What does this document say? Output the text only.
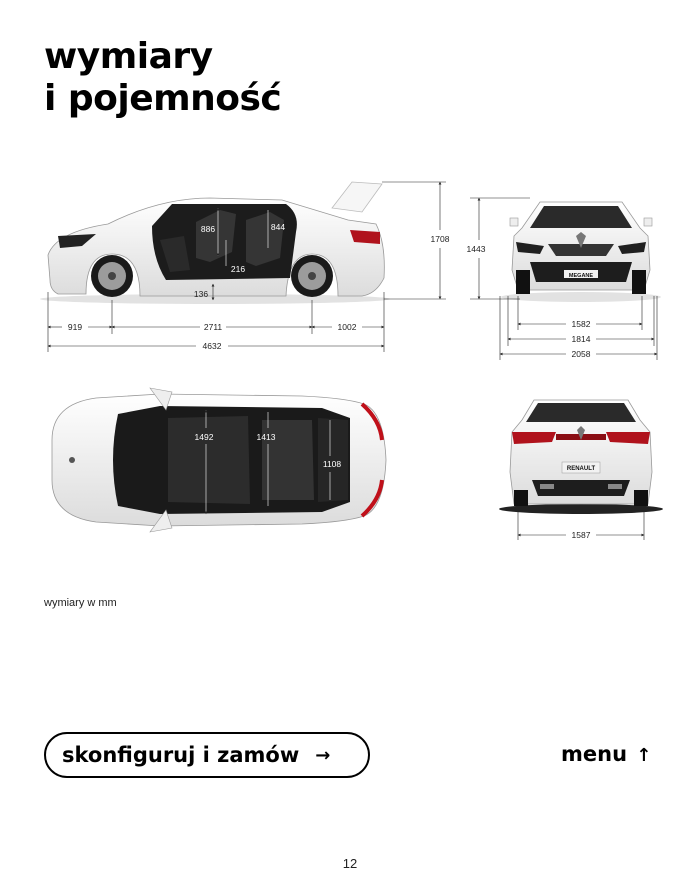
wymiary
i pojemność
886	844
216
136
1708
919	2711	1002
4632
MEGANE
1443
1582
1814
2058
1492	1413
1108	RENAULT
1587
wymiary w mm
skonfiguruj i zamów →	menu ↑
12
